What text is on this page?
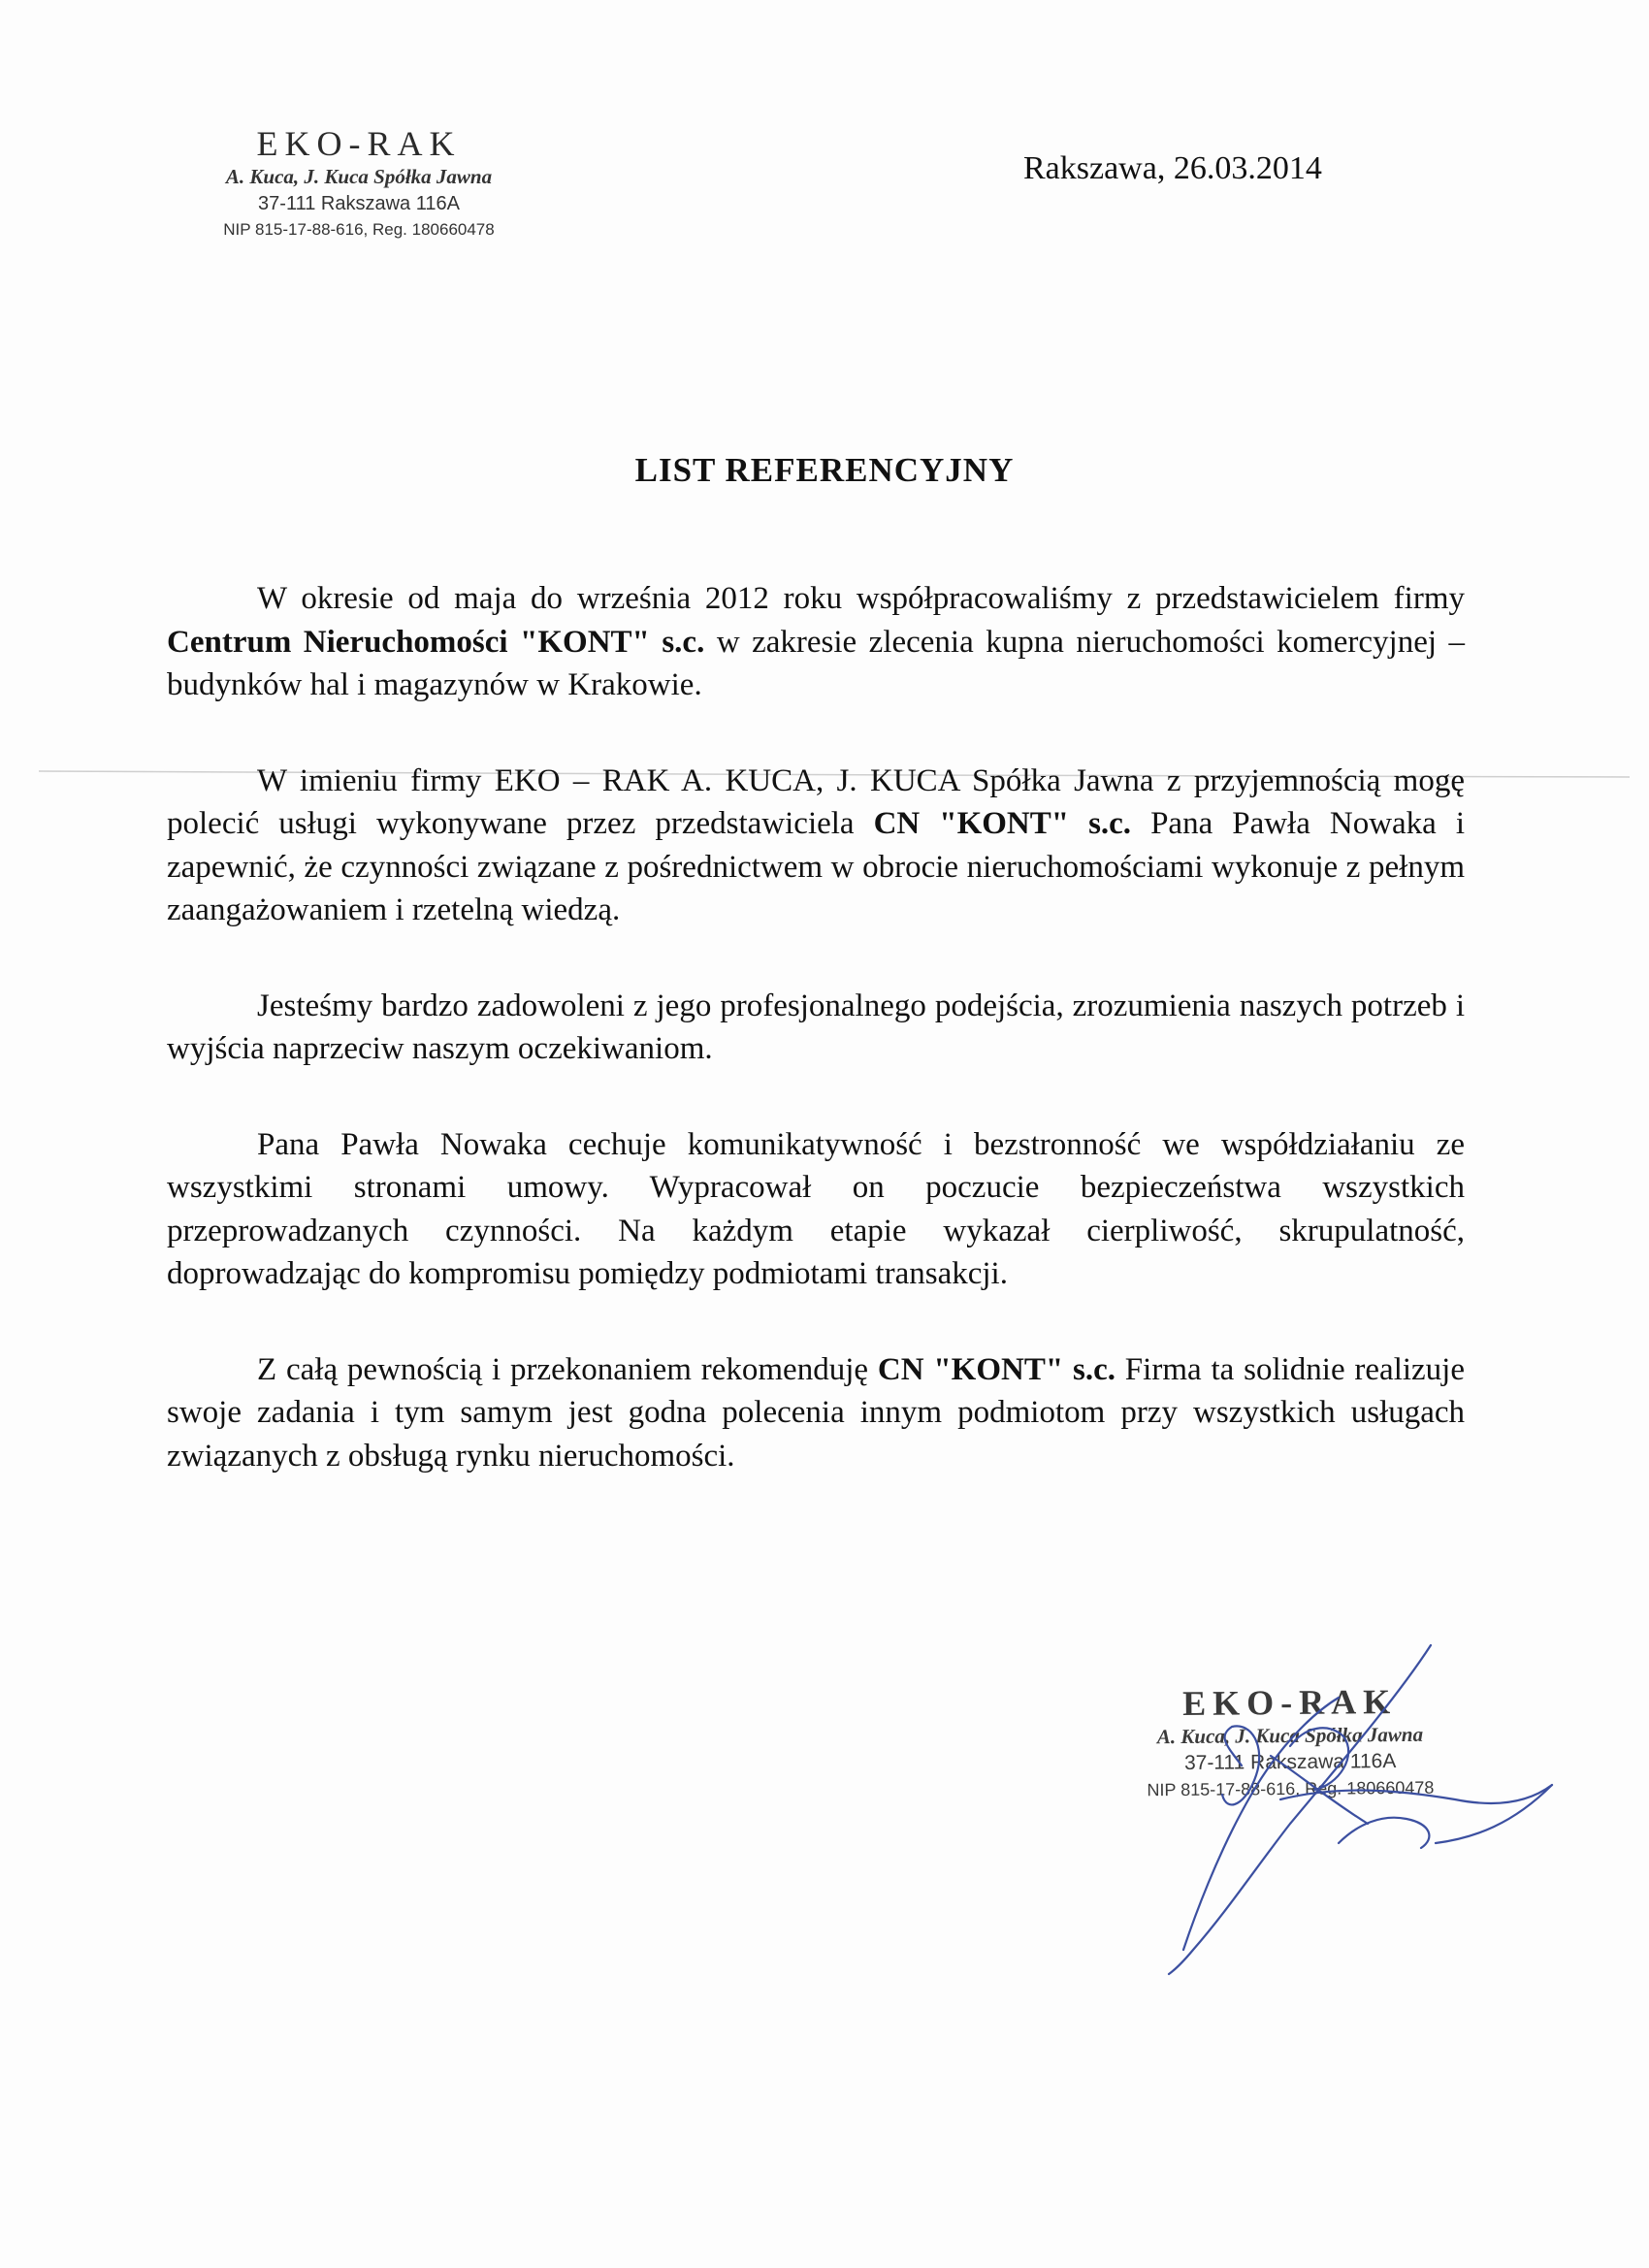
EKO-RAK
A. Kuca, J. Kuca Spółka Jawna
37-111 Rakszawa 116A
NIP 815-17-88-616, Reg. 180660478
Rakszawa, 26.03.2014
LIST REFERENCYJNY

W okresie od maja do września 2012 roku współpracowaliśmy z przedstawicielem firmy Centrum Nieruchomości "KONT" s.c. w zakresie zlecenia kupna nieruchomości komercyjnej – budynków hal i magazynów w Krakowie.

W imieniu firmy EKO – RAK A. KUCA, J. KUCA Spółka Jawna z przyjemnością mogę polecić usługi wykonywane przez przedstawiciela CN "KONT" s.c. Pana Pawła Nowaka i zapewnić, że czynności związane z pośrednictwem w obrocie nieruchomościami wykonuje z pełnym zaangażowaniem i rzetelną wiedzą.

Jesteśmy bardzo zadowoleni z jego profesjonalnego podejścia, zrozumienia naszych potrzeb i wyjścia naprzeciw naszym oczekiwaniom.

Pana Pawła Nowaka cechuje komunikatywność i bezstronność we współdziałaniu ze wszystkimi stronami umowy. Wypracował on poczucie bezpieczeństwa wszystkich przeprowadzanych czynności. Na każdym etapie wykazał cierpliwość, skrupulatność, doprowadzając do kompromisu pomiędzy podmiotami transakcji.

Z całą pewnością i przekonaniem rekomenduję CN "KONT" s.c. Firma ta solidnie realizuje swoje zadania i tym samym jest godna polecenia innym podmiotom przy wszystkich usługach związanych z obsługą rynku nieruchomości.

EKO-RAK
A. Kuca, J. Kuca Spółka Jawna
37-111 Rakszawa 116A
NIP 815-17-88-616, Reg. 180660478
